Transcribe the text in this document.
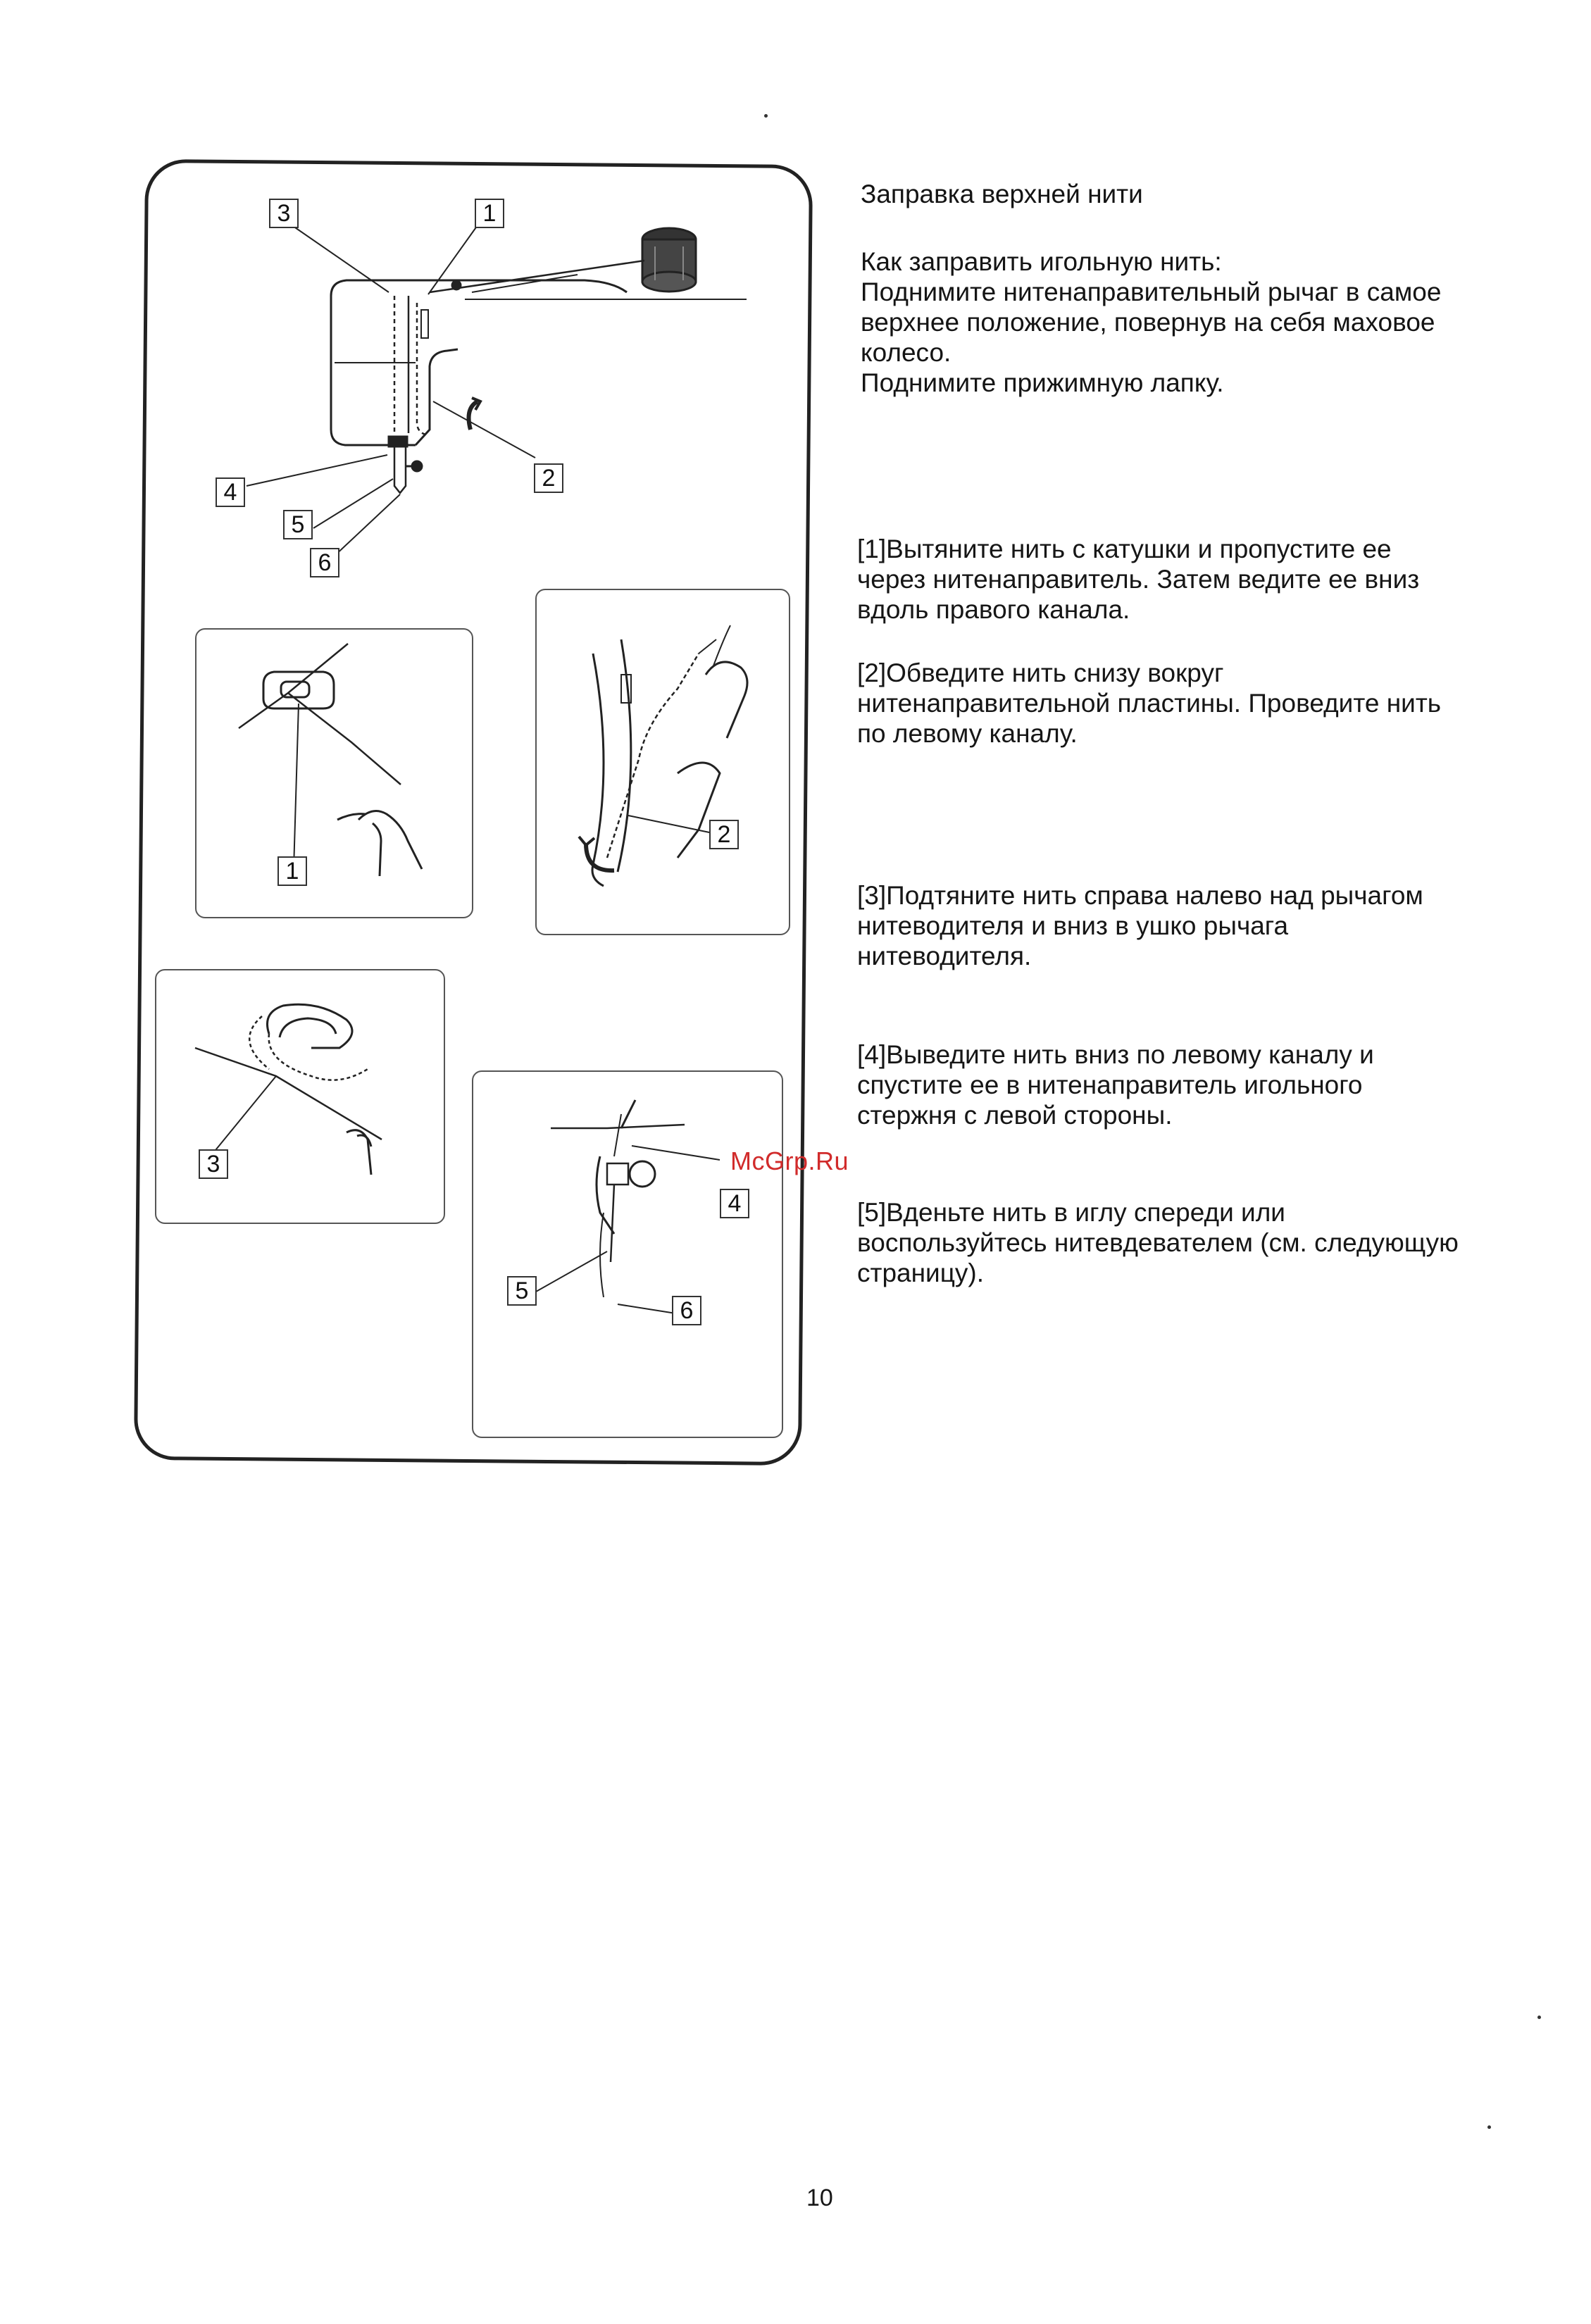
3	1
2
4
5
6
1
2
3
4
5
6
Заправка верхней нити
Как заправить игольную нить:
Поднимите нитенаправительный рычаг в самое
верхнее положение, повернув на себя маховое
колесо.
Поднимите прижимную лапку.
[1]Вытяните нить с катушки и пропустите ее
через нитенаправитель. Затем ведите ее вниз
вдоль правого канала.
[2]Обведите нить снизу вокруг
нитенаправительной пластины. Проведите нить
по левому каналу.
[3]Подтяните нить справа налево над рычагом
нитеводителя и вниз в ушко рычага
нитеводителя.
[4]Выведите нить вниз по левому каналу и
спустите ее в нитенаправитель игольного
стержня с левой стороны.
[5]Вденьте нить в иглу спереди или
воспользуйтесь нитевдевателем (см. следующую
страницу).
McGrp.Ru
10
